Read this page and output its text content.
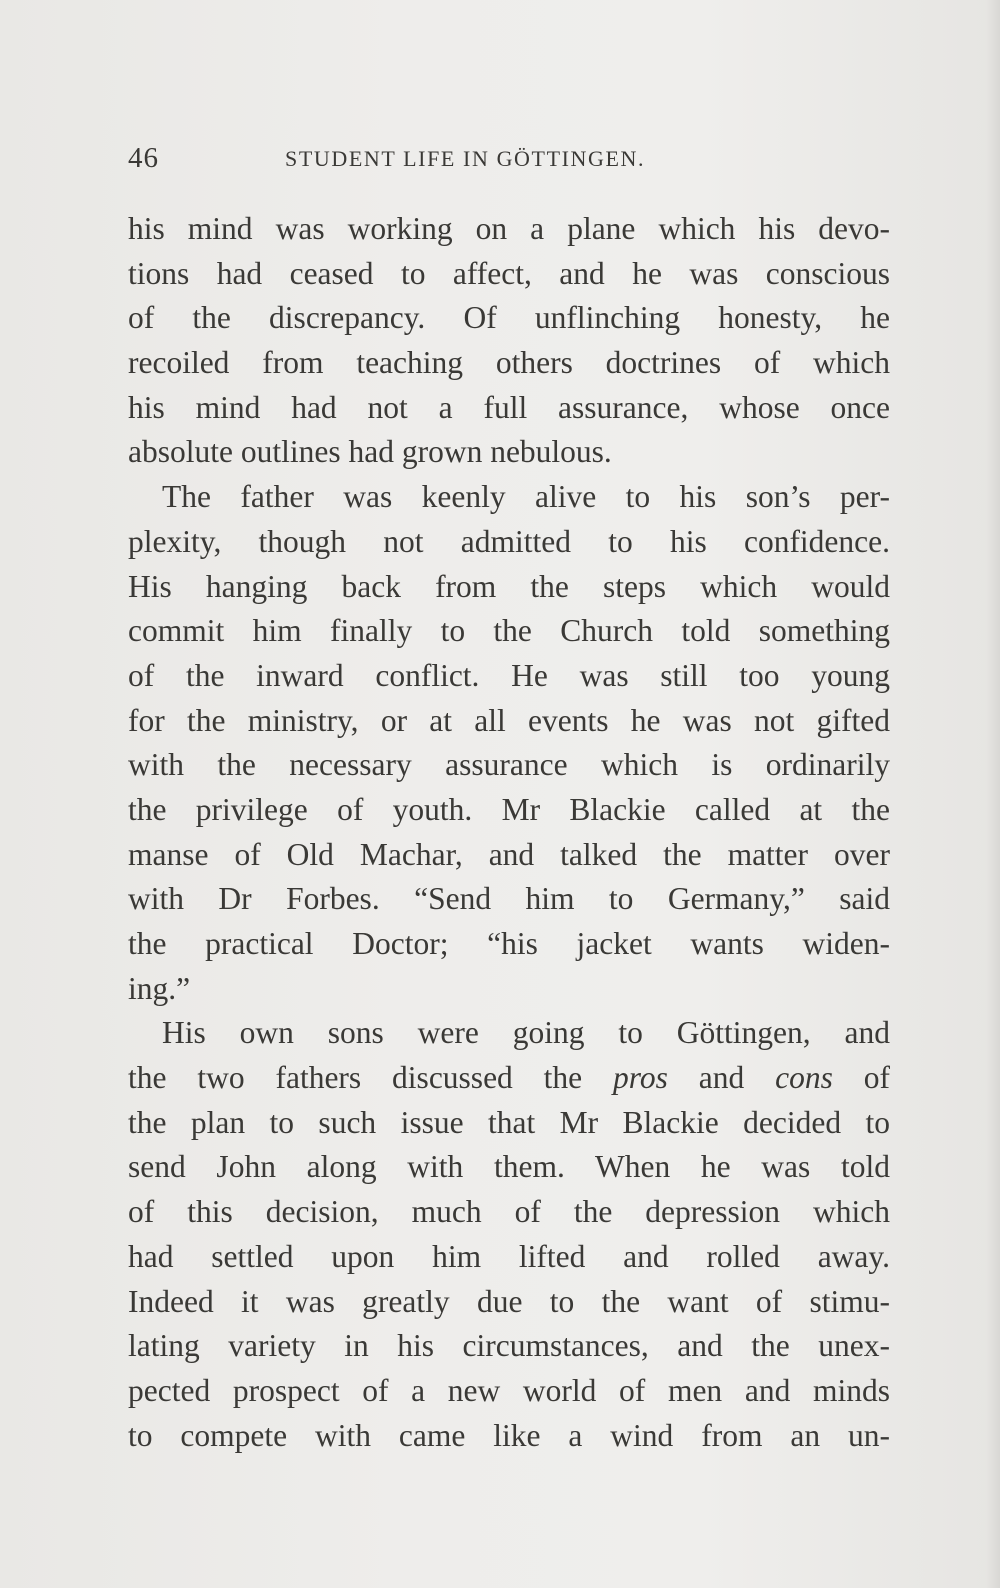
46	STUDENT LIFE IN GÖTTINGEN.
his mind was working on a plane which his devo-
tions had ceased to affect, and he was conscious
of the discrepancy. Of unflinching honesty, he
recoiled from teaching others doctrines of which
his mind had not a full assurance, whose once
absolute outlines had grown nebulous.
The father was keenly alive to his son’s per-
plexity, though not admitted to his confidence.
His hanging back from the steps which would
commit him finally to the Church told something
of the inward conflict. He was still too young
for the ministry, or at all events he was not gifted
with the necessary assurance which is ordinarily
the privilege of youth. Mr Blackie called at the
manse of Old Machar, and talked the matter over
with Dr Forbes. “Send him to Germany,” said
the practical Doctor; “his jacket wants widen-
ing.”
His own sons were going to Göttingen, and
the two fathers discussed the pros and cons of
the plan to such issue that Mr Blackie decided to
send John along with them. When he was told
of this decision, much of the depression which
had settled upon him lifted and rolled away.
Indeed it was greatly due to the want of stimu-
lating variety in his circumstances, and the unex-
pected prospect of a new world of men and minds
to compete with came like a wind from an un-
